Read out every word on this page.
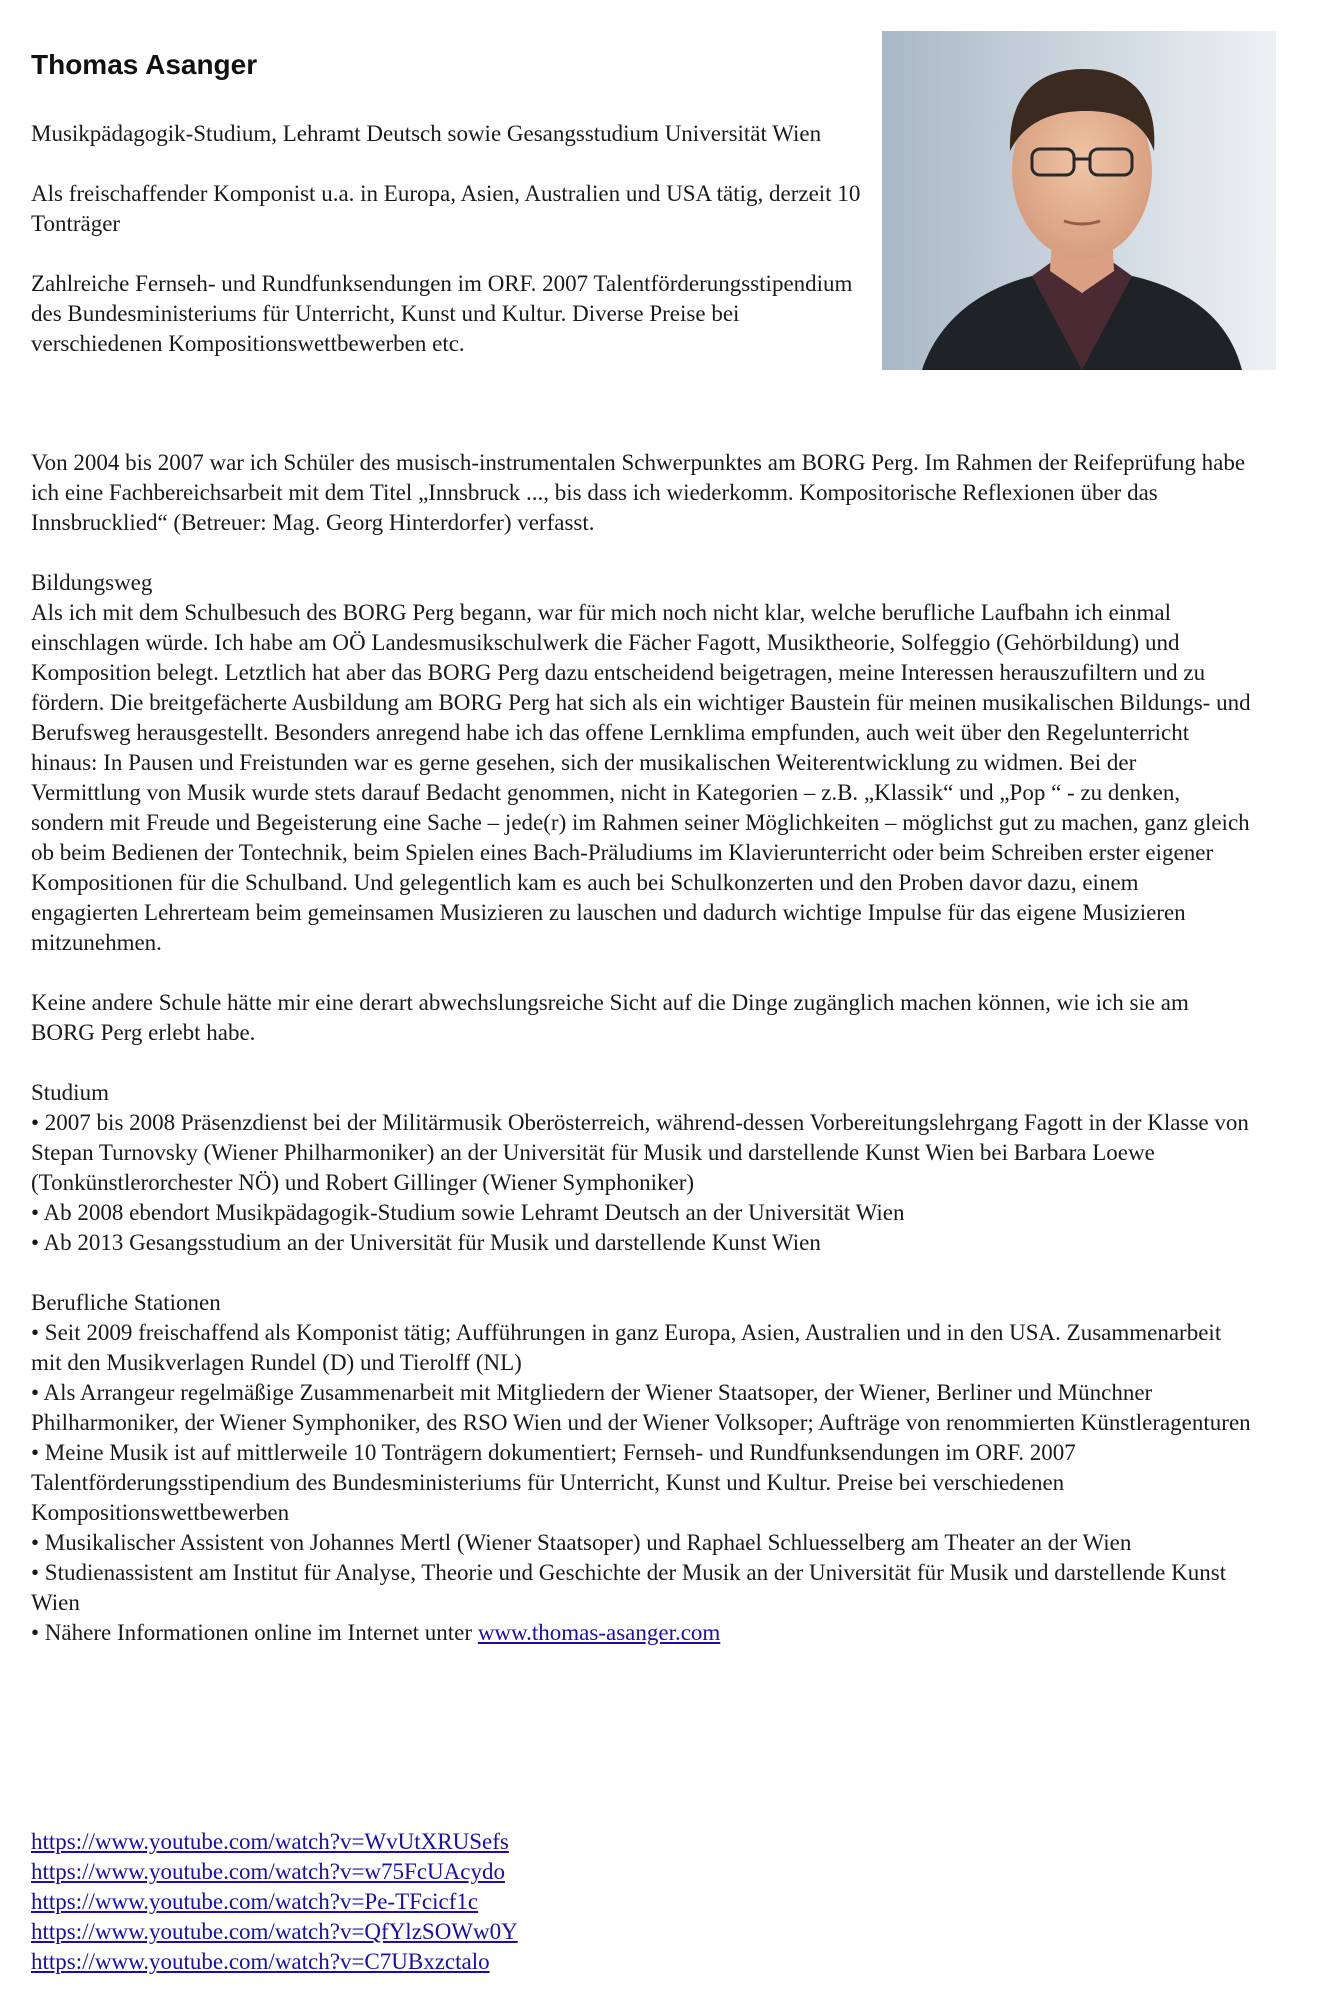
Thomas Asanger

Musikpädagogik-Studium, Lehramt Deutsch sowie Gesangsstudium Universität Wien

Als freischaffender Komponist u.a. in Europa, Asien, Australien und USA tätig, derzeit 10 Tonträger

Zahlreiche Fernseh- und Rundfunksendungen im ORF. 2007 Talentförderungsstipendium des Bundesministeriums für Unterricht, Kunst und Kultur. Diverse Preise bei verschiedenen Kompositionswettbewerben etc.

Von 2004 bis 2007 war ich Schüler des musisch-instrumentalen Schwerpunktes am BORG Perg. Im Rahmen der Reifeprüfung habe ich eine Fachbereichsarbeit mit dem Titel „Innsbruck ..., bis dass ich wiederkomm. Kompositorische Reflexionen über das Innsbrucklied“ (Betreuer: Mag. Georg Hinterdorfer) verfasst.

Bildungsweg
Als ich mit dem Schulbesuch des BORG Perg begann, war für mich noch nicht klar, welche berufliche Laufbahn ich einmal einschlagen würde. Ich habe am OÖ Landesmusikschulwerk die Fächer Fagott, Musiktheorie, Solfeggio (Gehörbildung) und Komposition belegt. Letztlich hat aber das BORG Perg dazu entscheidend beigetragen, meine Interessen herauszufiltern und zu fördern. Die breitgefächerte Ausbildung am BORG Perg hat sich als ein wichtiger Baustein für meinen musikalischen Bildungs- und Berufsweg herausgestellt. Besonders anregend habe ich das offene Lernklima empfunden, auch weit über den Regelunterricht hinaus: In Pausen und Freistunden war es gerne gesehen, sich der musikalischen Weiterentwicklung zu widmen. Bei der Vermittlung von Musik wurde stets darauf Bedacht genommen, nicht in Kategorien – z.B. „Klassik“ und „Pop “ - zu denken, sondern mit Freude und Begeisterung eine Sache – jede(r) im Rahmen seiner Möglichkeiten – möglichst gut zu machen, ganz gleich ob beim Bedienen der Tontechnik, beim Spielen eines Bach-Präludiums im Klavierunterricht oder beim Schreiben erster eigener Kompositionen für die Schulband. Und gelegentlich kam es auch bei Schulkonzerten und den Proben davor dazu, einem engagierten Lehrerteam beim gemeinsamen Musizieren zu lauschen und dadurch wichtige Impulse für das eigene Musizieren mitzunehmen.

Keine andere Schule hätte mir eine derart abwechslungsreiche Sicht auf die Dinge zugänglich machen können, wie ich sie am BORG Perg erlebt habe.

Studium
• 2007 bis 2008 Präsenzdienst bei der Militärmusik Oberösterreich, während-dessen Vorbereitungslehrgang Fagott in der Klasse von Stepan Turnovsky (Wiener Philharmoniker) an der Universität für Musik und darstellende Kunst Wien bei Barbara Loewe (Tonkünstlerorchester NÖ) und Robert Gillinger (Wiener Symphoniker)
• Ab 2008 ebendort Musikpädagogik-Studium sowie Lehramt Deutsch an der Universität Wien
• Ab 2013 Gesangsstudium an der Universität für Musik und darstellende Kunst Wien

Berufliche Stationen
• Seit 2009 freischaffend als Komponist tätig; Aufführungen in ganz Europa, Asien, Australien und in den USA. Zusammenarbeit mit den Musikverlagen Rundel (D) und Tierolff (NL)
• Als Arrangeur regelmäßige Zusammenarbeit mit Mitgliedern der Wiener Staatsoper, der Wiener, Berliner und Münchner Philharmoniker, der Wiener Symphoniker, des RSO Wien und der Wiener Volksoper; Aufträge von renommierten Künstleragenturen
• Meine Musik ist auf mittlerweile 10 Tonträgern dokumentiert; Fernseh- und Rundfunksendungen im ORF. 2007 Talentförderungsstipendium des Bundesministeriums für Unterricht, Kunst und Kultur. Preise bei verschiedenen Kompositionswettbewerben
• Musikalischer Assistent von Johannes Mertl (Wiener Staatsoper) und Raphael Schluesselberg am Theater an der Wien
• Studienassistent am Institut für Analyse, Theorie und Geschichte der Musik an der Universität für Musik und darstellende Kunst Wien
• Nähere Informationen online im Internet unter www.thomas-asanger.com

https://www.youtube.com/watch?v=WvUtXRUSefs
https://www.youtube.com/watch?v=w75FcUAcydo
https://www.youtube.com/watch?v=Pe-TFcicf1c
https://www.youtube.com/watch?v=QfYlzSOWw0Y
https://www.youtube.com/watch?v=C7UBxzctalo
